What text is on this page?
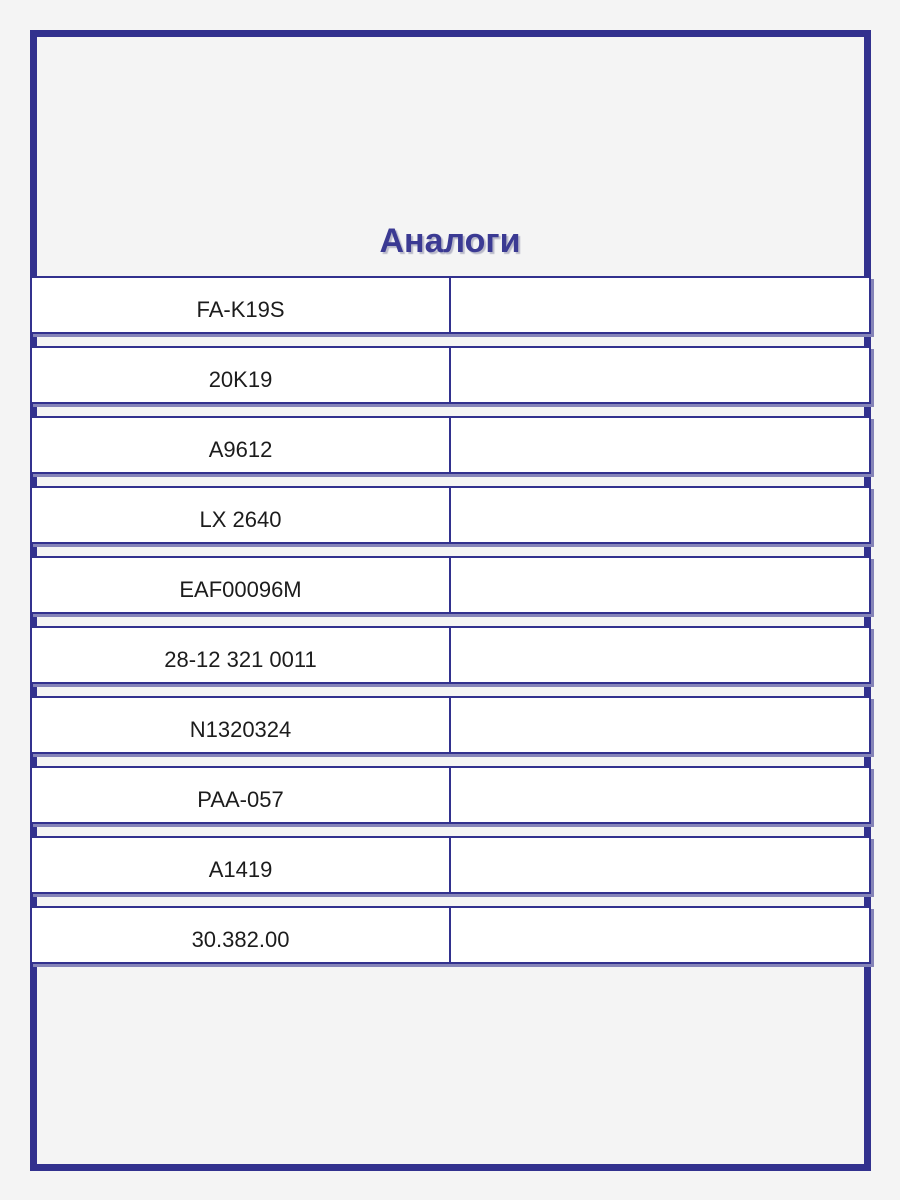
Аналоги
FA-K19S
20K19
A9612
LX 2640
EAF00096M
28-12 321 0011
N1320324
PAA-057
A1419
30.382.00
